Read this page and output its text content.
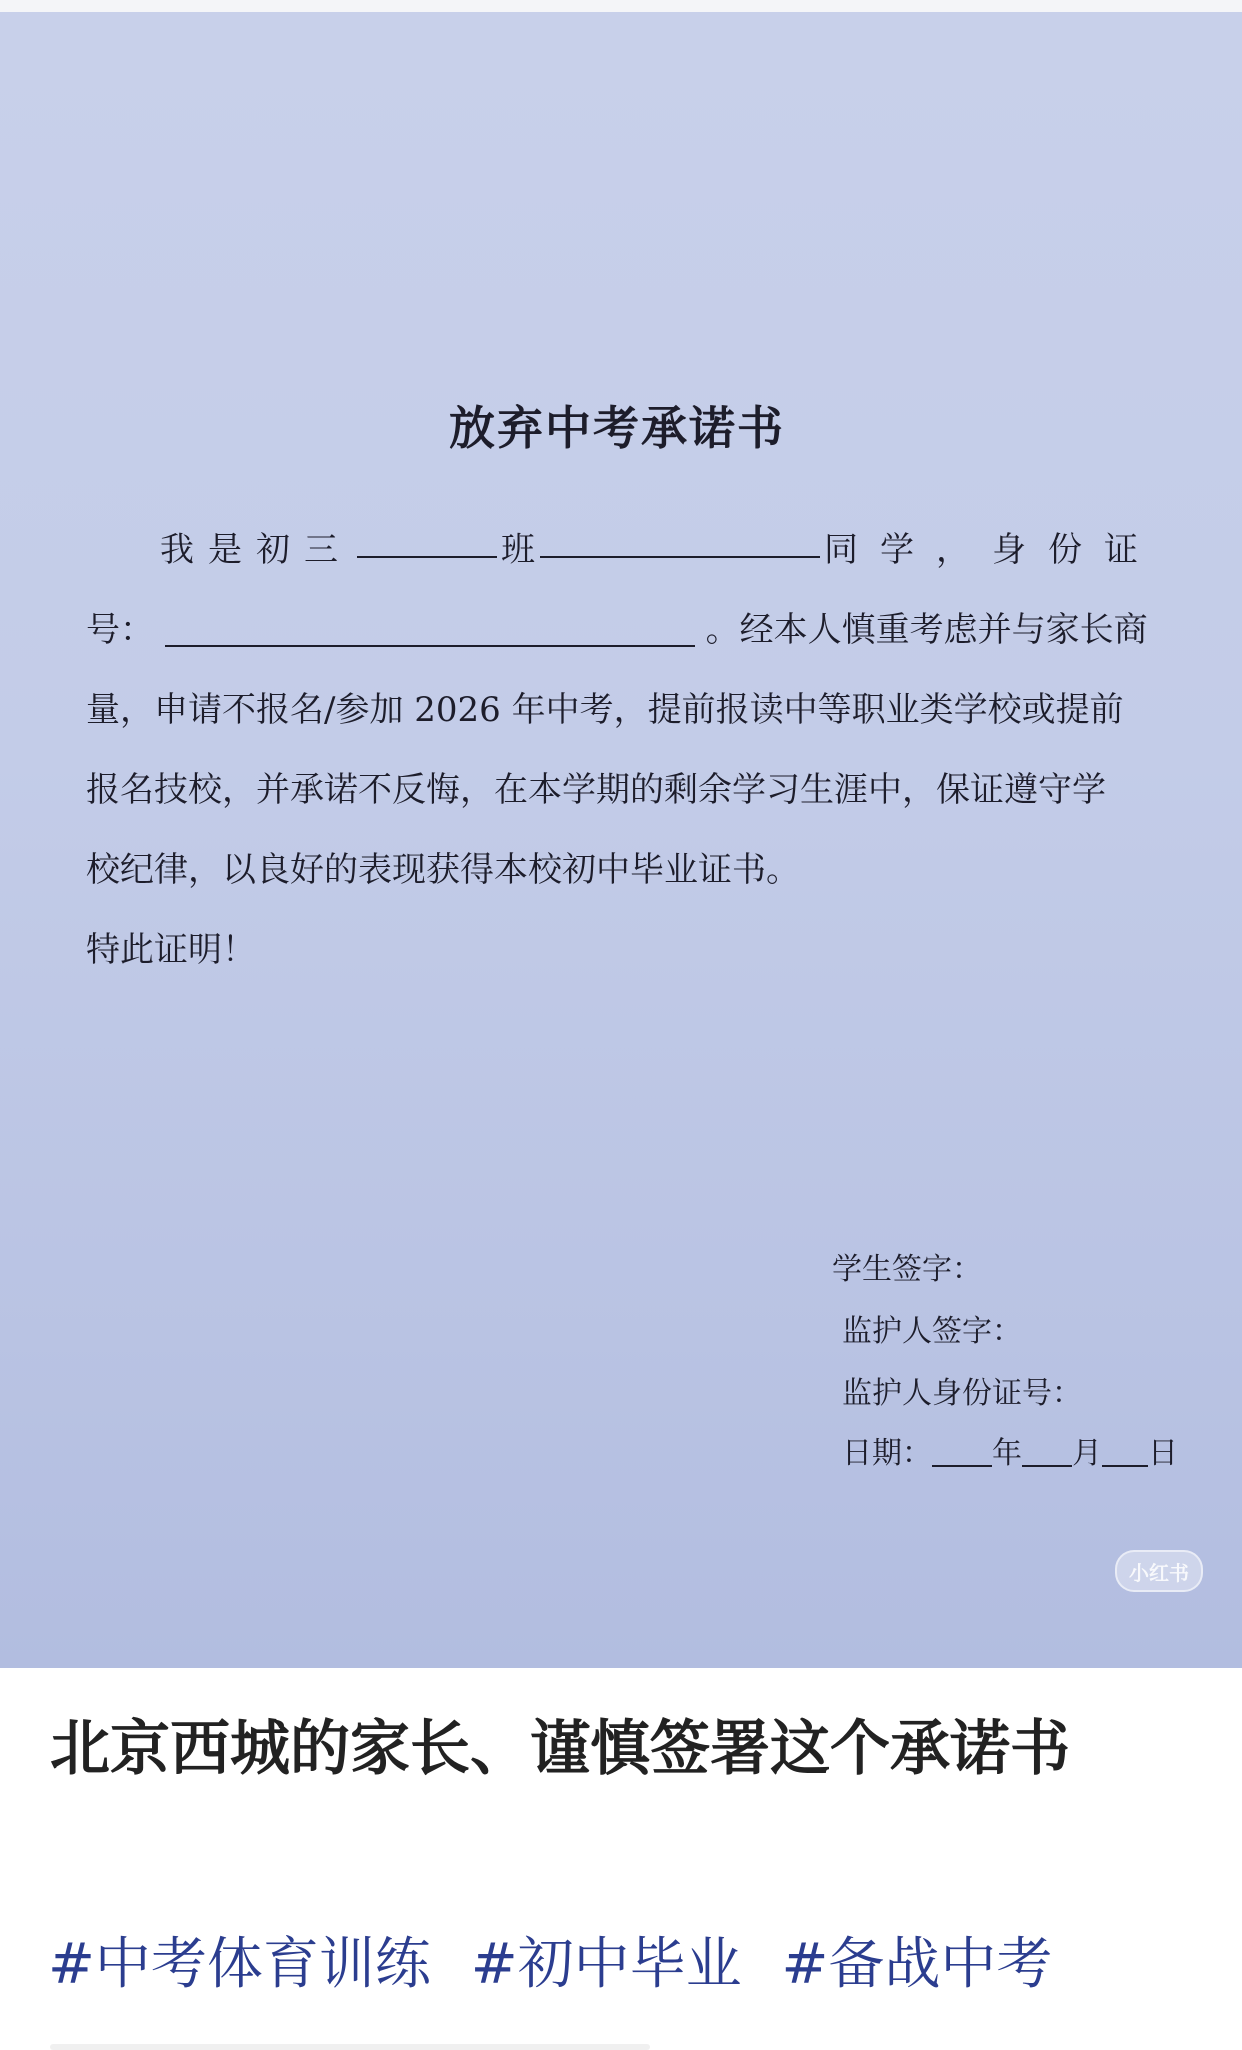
放弃中考承诺书
我是初三	班	同学，身份证
号：	。经本人慎重考虑并与家长商
量，申请不报名/参加 2026 年中考，提前报读中等职业类学校或提前
报名技校，并承诺不反悔，在本学期的剩余学习生涯中，保证遵守学
校纪律，以良好的表现获得本校初中毕业证书。
特此证明！
学生签字：
监护人签字：
监护人身份证号：
日期： 年 月 日
小红书
北京西城的家长、谨慎签署这个承诺书
#中考体育训练 #初中毕业 #备战中考
